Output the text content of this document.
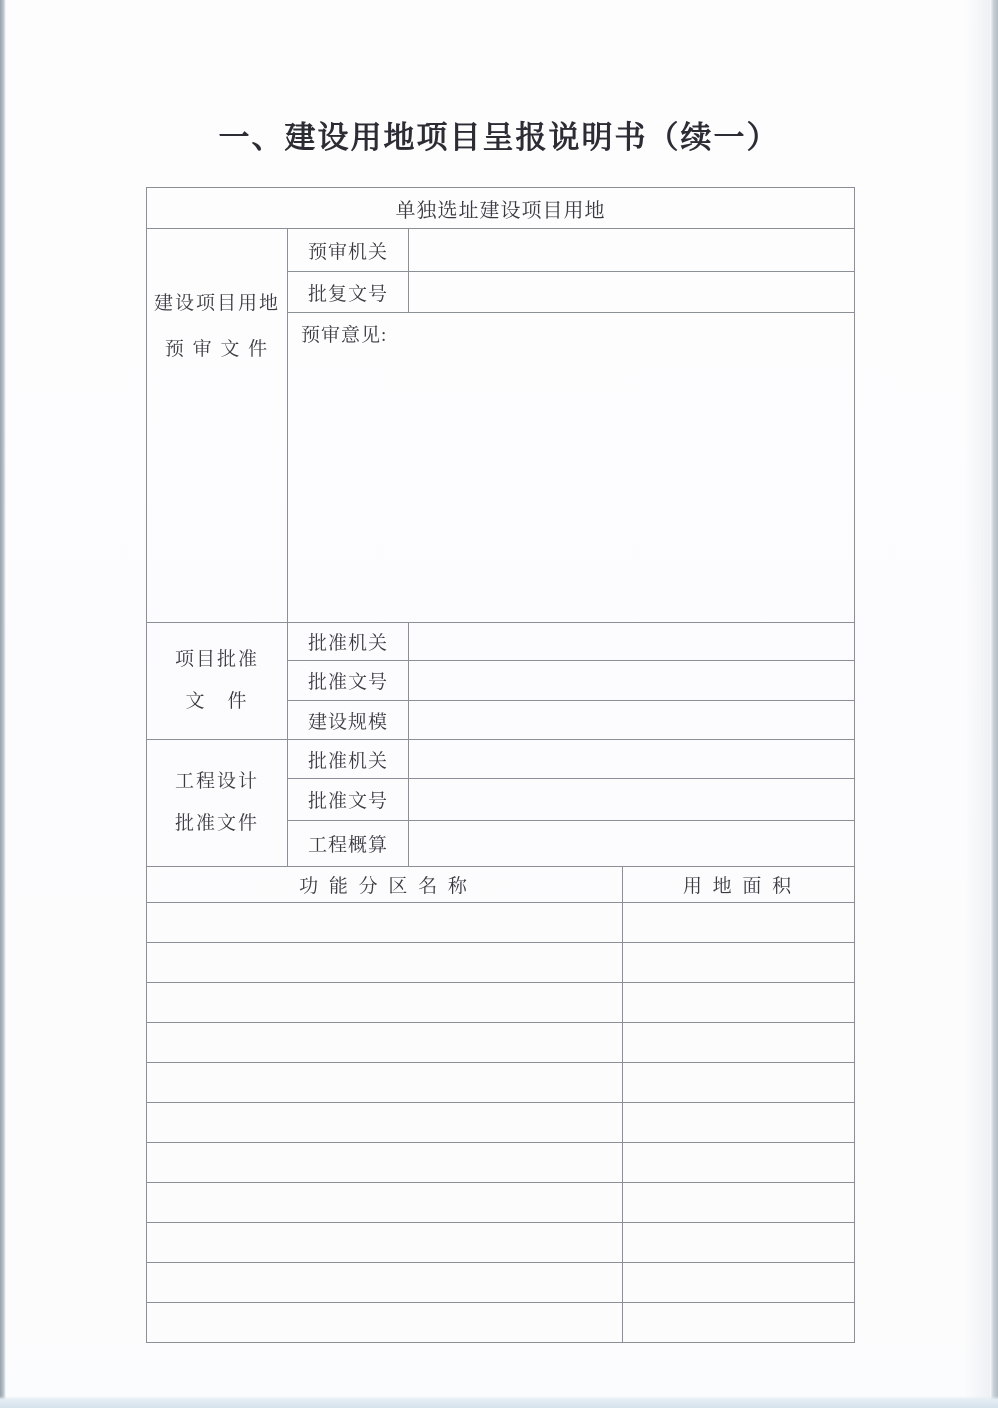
一、建设用地项目呈报说明书（续一）
单独选址建设项目用地		

建设项目用地
预 审 文 件	预审机关	
	批复文号	
	预审意见:	

项目批准
文　件	批准机关	
	批准文号	
	建设规模	

工程设计
批准文件	批准机关	
	批准文号	
	工程概算	
功 能 分 区 名 称	用 地 面 积
